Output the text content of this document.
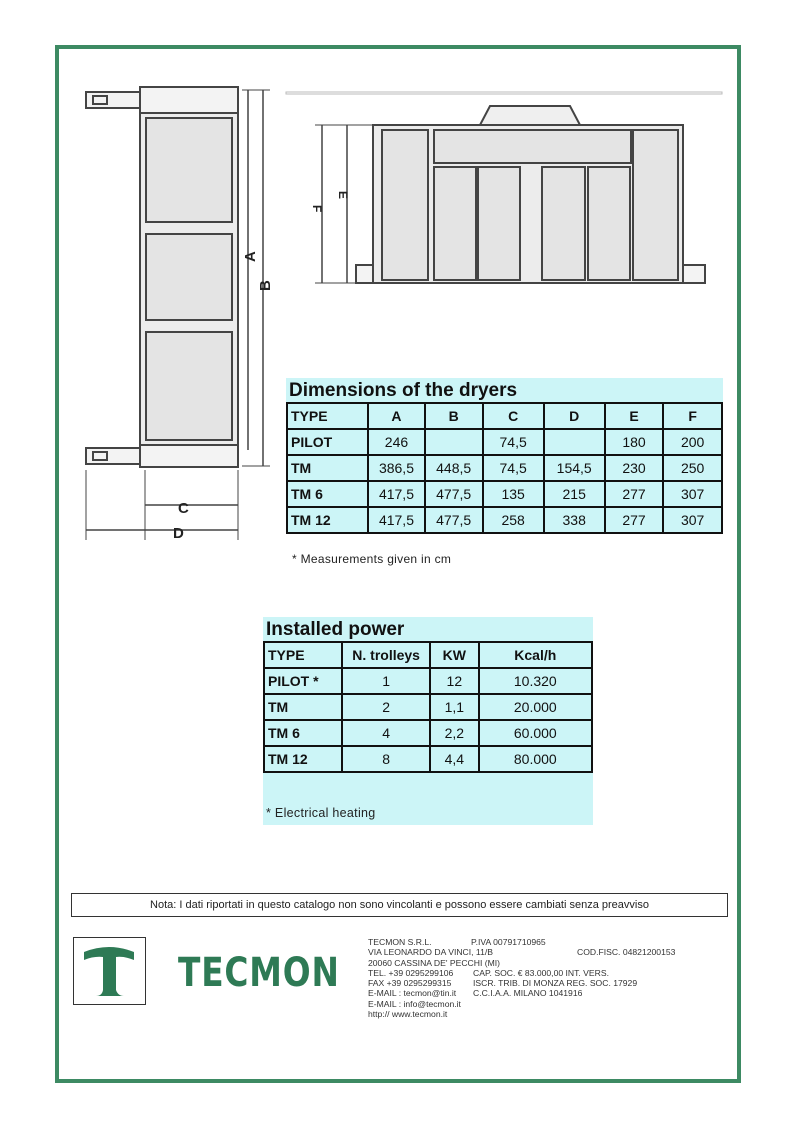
A
B
C
D
E
F
Dimensions of the dryers
TYPE	A	B	C	D	E	F
PILOT	246		74,5		180	200
TM	386,5	448,5	74,5	154,5	230	250
TM 6	417,5	477,5	135	215	277	307
TM 12	417,5	477,5	258	338	277	307
* Measurements given in cm
Installed power
* Electrical heating
TYPE	N. trolleys	KW	Kcal/h
PILOT *	1	12	10.320
TM	2	1,1	20.000
TM 6	4	2,2	60.000
TM 12	8	4,4	80.000
Nota: I dati riportati in questo catalogo non sono vincolanti e possono essere cambiati senza preavviso
TECMON
TECMON S.R.L.	P.IVA 00791710965
VIA LEONARDO DA VINCI, 11/B	COD.FISC. 04821200153
20060 CASSINA DE' PECCHI (MI)
TEL. +39 0295299106 CAP. SOC. € 83.000,00 INT. VERS.
FAX +39 0295299315	ISCR. TRIB. DI MONZA REG. SOC. 17929
E-MAIL : tecmon@tin.it C.C.I.A.A. MILANO 1041916
E-MAIL : info@tecmon.it
http:// www.tecmon.it
